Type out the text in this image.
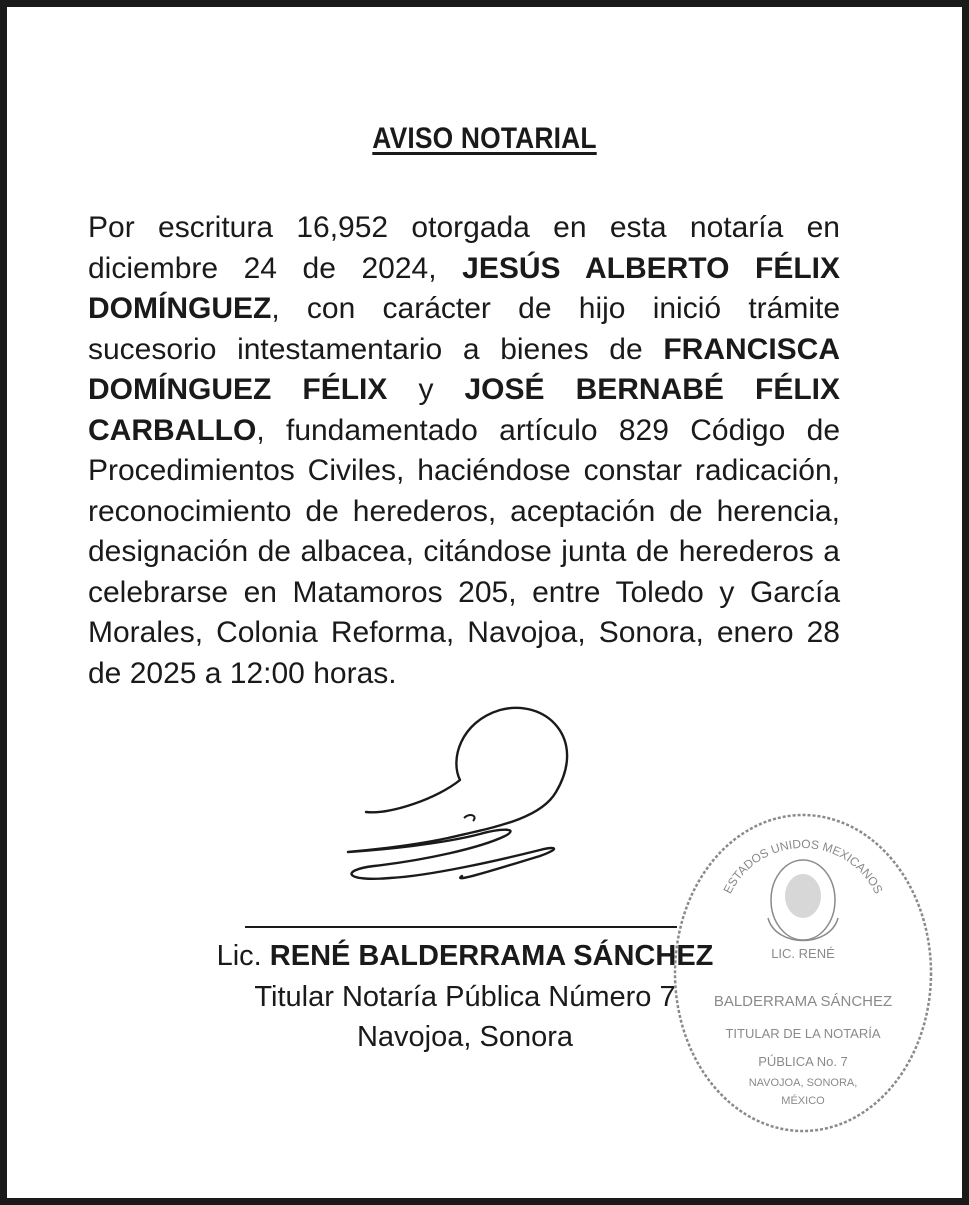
AVISO NOTARIAL

Por escritura 16,952 otorgada en esta notaría en diciembre 24 de 2024, JESÚS ALBERTO FÉLIX DOMÍNGUEZ, con carácter de hijo inició trámite sucesorio intestamentario a bienes de FRANCISCA DOMÍNGUEZ FÉLIX y JOSÉ BERNABÉ FÉLIX CARBALLO, fundamentado artículo 829 Código de Procedimientos Civiles, haciéndose constar radicación, reconocimiento de herederos, aceptación de herencia, designación de albacea, citándose junta de herederos a celebrarse en Matamoros 205, entre Toledo y García Morales, Colonia Reforma, Navojoa, Sonora, enero 28 de 2025 a 12:00 horas.

Lic. RENÉ BALDERRAMA SÁNCHEZ
Titular Notaría Pública Número 7
Navojoa, Sonora
ESTADOS UNIDOS MEXICANOS
LIC. RENÉ
BALDERRAMA SÁNCHEZ
TITULAR DE LA NOTARÍA
PÚBLICA No. 7
NAVOJOA, SONORA,
MÉXICO
